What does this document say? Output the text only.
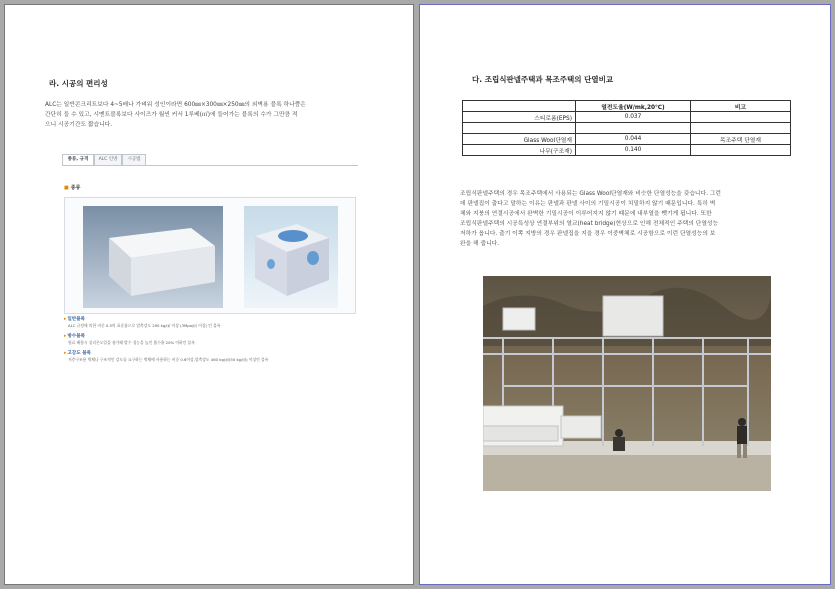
라. 시공의 편리성

ALC는 일반콘크리트보다 4~5배나 가벼워 성인이라면 600㎜×300㎜×250㎜의 외벽용 블록 하나쯤은

간단히 들 수 있고, 시멘트블록보다 사이즈가 월씬 커서 1루베(㎥)에 들어가는 블록의 수가 그만큼 적

으니 시공기간도 짧습니다.

종류, 규격	ALC 인방	시공법
■ 종류
▸일반블록
ALC 규정에 의한 비중 0.5의 표준품으로 압축강도 290 kg/㎠ 이상 (3Mpa/㎡ 이상) 인 블록
▸방수블록
원료 배합시 실리콘오일을 첨가해 발수 성능을 높인 흡수율 20% 이하인 블록
▸고강도 블록
저층구조용 벽체나 구조적인 강도를 요구하는 벽체에 사용하는 비중 0.6이상,압축강도 460 kg/㎠(50 kg/㎡) 이상인 블록
다. 조립식판넬주택과 목조주택의 단열비교
	열전도율(W/mk,20℃)	비고
스티로폼(EPS)	0.037	

Glass Wool단열재	0.044	목조주택 단열재
나무(구조재)	0.140	

조립식판넬주택의 경우 목조주택에서 사용되는 Glass Wool단열재와 비슷한 단열성능을 갖습니다. 그런

데 판넬집이 춥다고 말하는 이유는 판넬과 판넬 사이의 기밀시공이 치밀하지 않기 때문입니다. 특히 벽

체와 지붕의 연결시공에서 완벽한 기밀시공이 이루어지지 않기 때문에 내부열을 뺏기게 됩니다. 또한

조립식판넬주택의 시공특성상 연결부위의 열교(heat bridge)현상으로 인해 전체적인 주택의 단열성능

저하가 옵니다. 춥기 이쪽 지방의 경우 판넬집을 지을 경우 이중벽체로 시공함으로 이런 단열성능의 보

완을 해 줍니다.
